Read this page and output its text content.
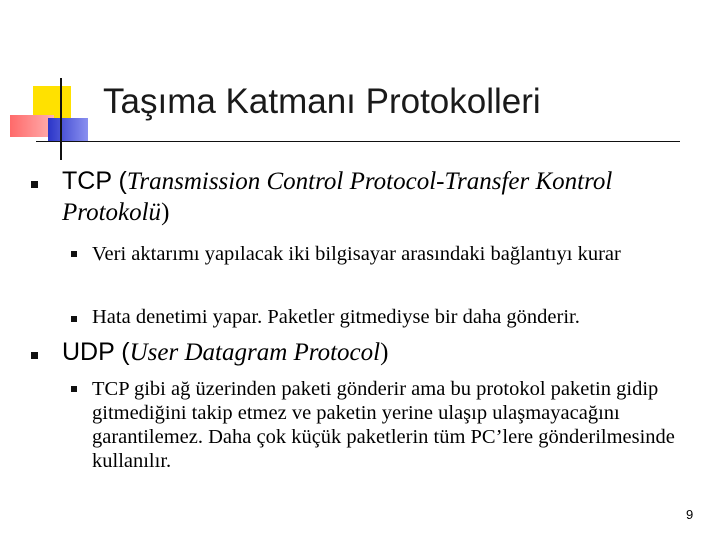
Taşıma Katmanı Protokolleri
TCP (Transmission Control Protocol-Transfer Kontrol Protokolü)
Veri aktarımı yapılacak iki bilgisayar arasındaki bağlantıyı kurar
Hata denetimi yapar. Paketler gitmediyse bir daha gönderir.
UDP (User Datagram Protocol)
TCP gibi ağ üzerinden paketi gönderir ama bu protokol paketin gidip gitmediğini takip etmez ve paketin yerine ulaşıp ulaşmayacağını garantilemez. Daha çok küçük paketlerin tüm PC’lere gönderilmesinde kullanılır.
9
